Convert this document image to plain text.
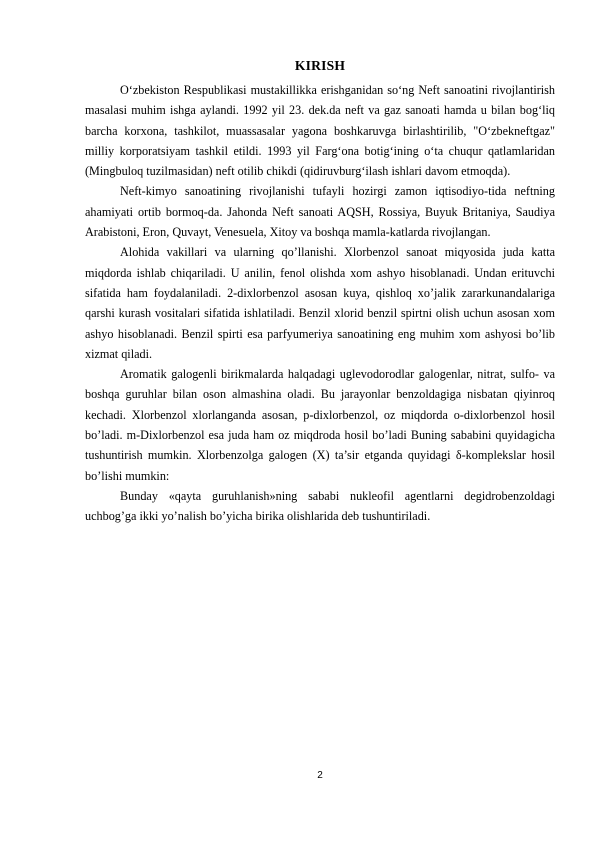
KIRISH

O‘zbekiston Respublikasi mustakillikka erishganidan so‘ng Neft sanoatini rivojlantirish masalasi muhim ishga aylandi. 1992 yil 23. dek.da neft va gaz sanoati hamda u bilan bog‘liq barcha korxona, tashkilot, muassasalar yagona boshkaruvga birlashtirilib, "O‘zbekneftgaz" milliy korporatsiyam tashkil etildi. 1993 yil Farg‘ona botig‘ining o‘ta chuqur qatlamlaridan (Mingbuloq tuzilmasidan) neft otilib chikdi (qidiruvburg‘ilash ishlari davom etmoqda).

Neft-kimyo sanoatining rivojlanishi tufayli hozirgi zamon iqtisodiyo-tida neftning ahamiyati ortib bormoq-da. Jahonda Neft sanoati AQSH, Rossiya, Buyuk Britaniya, Saudiya Arabistoni, Eron, Quvayt, Venesuela, Xitoy va boshqa mamla-katlarda rivojlangan.

Alohida vakillari va ularning qo’llanishi. Xlorbenzol sanoat miqyosida juda katta miqdorda ishlab chiqariladi. U anilin, fenol olishda xom ashyo hisoblanadi. Undan erituvchi sifatida ham foydalaniladi. 2-dixlorbenzol asosan kuya, qishloq xo’jalik zararkunandalariga qarshi kurash vositalari sifatida ishlatiladi. Benzil xlorid benzil spirtni olish uchun asosan xom ashyo hisoblanadi. Benzil spirti esa parfyumeriya sanoatining eng muhim xom ashyosi bo’lib xizmat qiladi.

Aromatik galogenli birikmalarda halqadagi uglevodorodlar galogenlar, nitrat, sulfo- va boshqa guruhlar bilan oson almashina oladi. Bu jarayonlar benzoldagiga nisbatan qiyinroq kechadi. Xlorbenzol xlorlanganda asosan, p-dixlorbenzol, oz miqdorda o-dixlorbenzol hosil bo’ladi. m-Dixlorbenzol esa juda ham oz miqdroda hosil bo’ladi Buning sababini quyidagicha tushuntirish mumkin. Xlorbenzolga galogen (X) ta’sir etganda quyidagi δ-komplekslar hosil bo’lishi mumkin:

Bunday «qayta guruhlanish»ning sababi nukleofil agentlarni degidrobenzoldagi uchbog’ga ikki yo’nalish bo’yicha birika olishlarida deb tushuntiriladi.

2
